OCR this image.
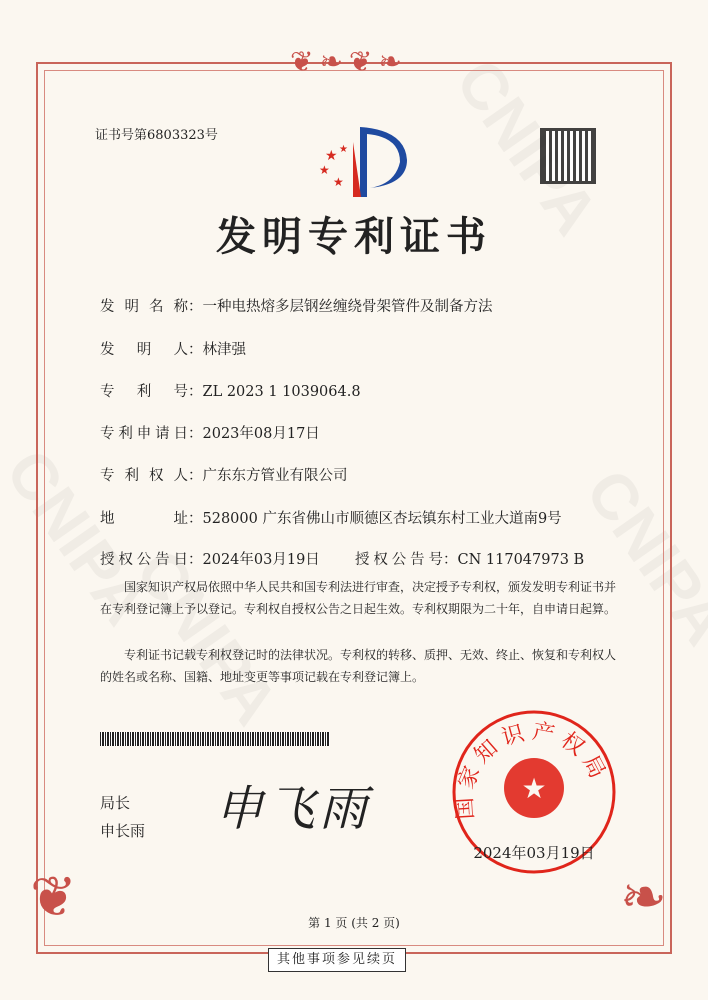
❦❧❦❧
❦	❧
证书号第6803323号
★
★
★
★
发明专利证书
发明名称：一种电热熔多层钢丝缠绕骨架管件及制备方法
发明人：林津强
专利号：ZL 2023 1 1039064.8
专利申请日：2023年08月17日
专利权人：广东东方管业有限公司
地址：528000 广东省佛山市顺德区杏坛镇东村工业大道南9号
授权公告日：2024年03月19日 授权公告号：CN 117047973 B
国家知识产权局依照中华人民共和国专利法进行审查，决定授予专利权，颁发发明专利证书并在专利登记簿上予以登记。专利权自授权公告之日起生效。专利权期限为二十年，自申请日起算。
专利证书记载专利权登记时的法律状况。专利权的转移、质押、无效、终止、恢复和专利权人的姓名或名称、国籍、地址变更等事项记载在专利登记簿上。
局长
申长雨 申飞雨	★
国家知识产权局
2024年03月19日
第 1 页 (共 2 页)
其他事项参见续页
